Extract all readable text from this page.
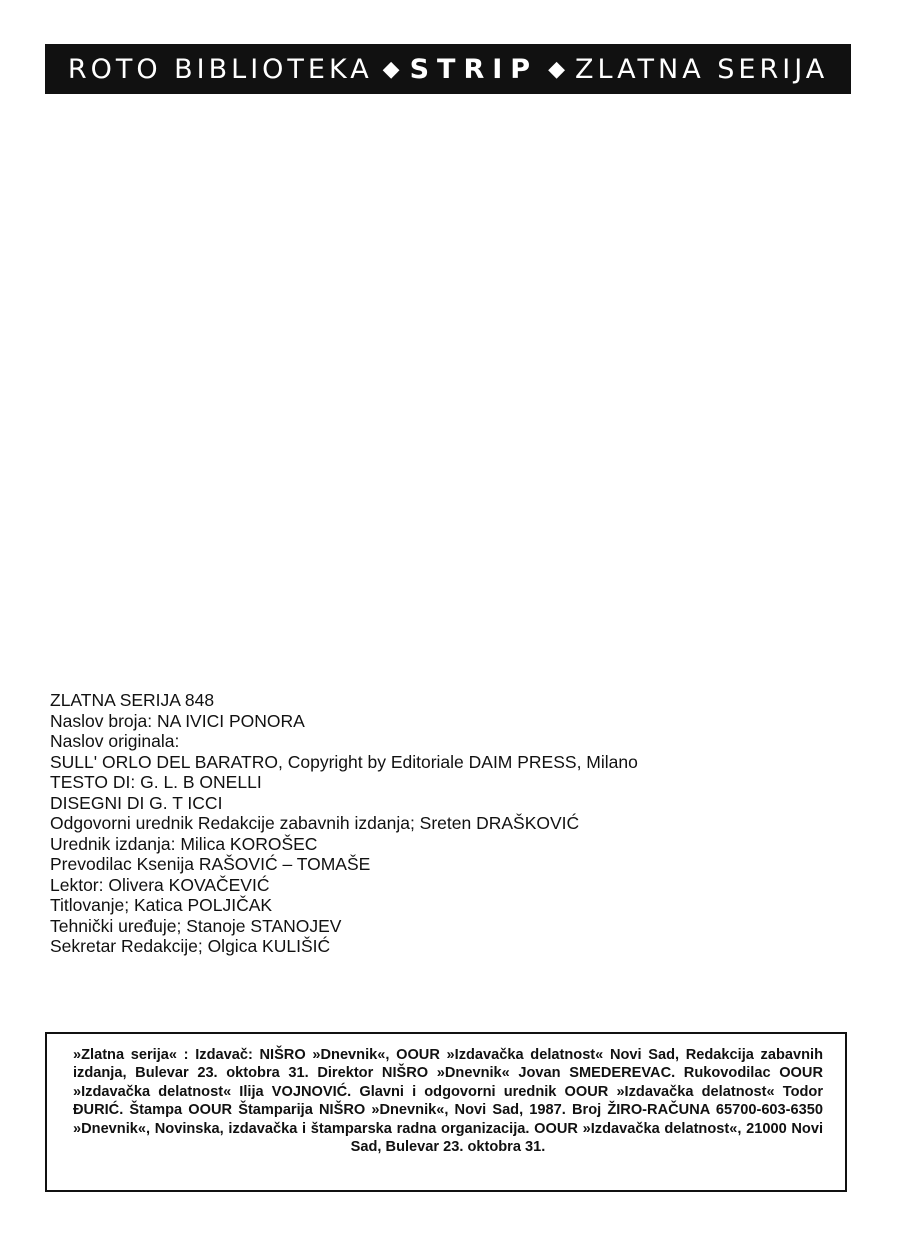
ROTO BIBLIOTEKA ◆ STRIP ◆ ZLATNA SERIJA
ZLATNA SERIJA 848
Naslov broja: NA IVICI PONORA
Naslov originala:
SULL' ORLO DEL BARATRO, Copyright by Editoriale DAIM PRESS, Milano
TESTO DI: G. L. B ONELLI
DISEGNI DI G. T ICCI
Odgovorni urednik Redakcije zabavnih izdanja; Sreten DRAŠKOVIĆ
Urednik izdanja: Milica KOROŠEC
Prevodilac Ksenija RAŠOVIĆ – TOMAŠE
Lektor: Olivera KOVAČEVIĆ
Titlovanje; Katica POLJIČAK
Tehnički uređuje; Stanoje STANOJEV
Sekretar Redakcije; Olgica KULIŠIĆ

»Zlatna serija« : Izdavač: NIŠRO »Dnevnik«, OOUR »Izdavačka delatnost« Novi Sad, Redakcija zabavnih izdanja, Bulevar 23. oktobra 31. Direktor NIŠRO »Dnevnik« Jovan SMEDEREVAC. Rukovodilac OOUR »Izdavačka delatnost« Ilija VOJNOVIĆ. Glavni i odgovorni urednik OOUR »Izdavačka delatnost« Todor ĐURIĆ. Štampa OOUR Štamparija NIŠRO »Dnevnik«, Novi Sad, 1987. Broj ŽIRO-RAČUNA 65700-603-6350 »Dnevnik«, Novinska, izdavačka i štamparska radna organizacija. OOUR »Izdavačka delatnost«, 21000 Novi Sad, Bulevar 23. oktobra 31.
